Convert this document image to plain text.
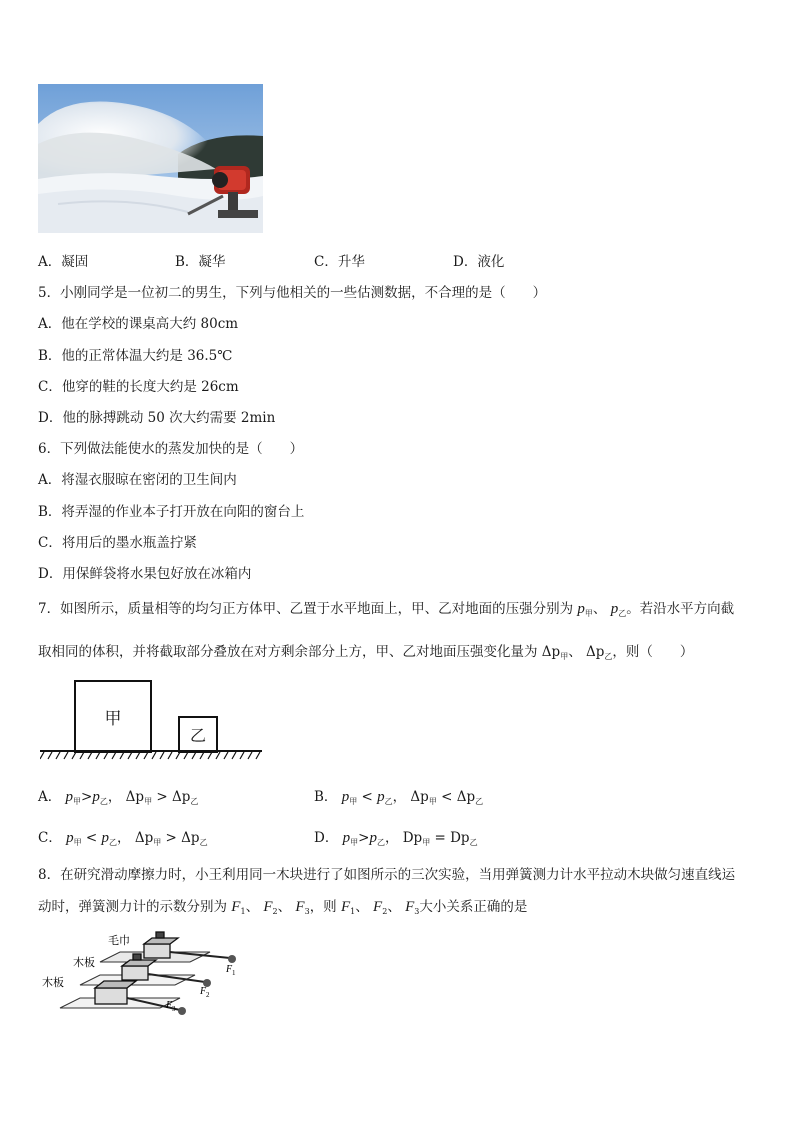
A．凝固	B．凝华	C．升华	D．液化
5．小刚同学是一位初二的男生，下列与他相关的一些估测数据，不合理的是（　　）
A．他在学校的课桌高大约 80cm
B．他的正常体温大约是 36.5℃
C．他穿的鞋的长度大约是 26cm
D．他的脉搏跳动 50 次大约需要 2min
6．下列做法能使水的蒸发加快的是（　　）
A．将湿衣服晾在密闭的卫生间内
B．将弄湿的作业本子打开放在向阳的窗台上
C．将用后的墨水瓶盖拧紧
D．用保鲜袋将水果包好放在冰箱内
7．如图所示，质量相等的均匀正方体甲、乙置于水平地面上，甲、乙对地面的压强分别为 $p_甲$、 $p_乙$。若沿水平方向截
取相同的体积，并将截取部分叠放在对方剩余部分上方，甲、乙对地面压强变化量为 $\Delta p_甲$、 $\Delta p_乙$，则（　　）
甲
乙
A． $p_甲>p_乙$， $\Delta p_甲 > \Delta p_乙$	B． $p_甲 < p_乙$， $\Delta p_甲 < \Delta p_乙$
C． $p_甲 < p_乙$， $\Delta p_甲 > \Delta p_乙$	D． $p_甲>p_乙$， $Dp_甲 = Dp_乙$
8．在研究滑动摩擦力时，小王利用同一木块进行了如图所示的三次实验，当用弹簧测力计水平拉动木块做匀速直线运
动时，弹簧测力计的示数分别为 $F_1$、 $F_2$、 $F_3$，则 $F_1$、 $F_2$、 $F_3$大小关系正确的是
毛巾
木板
木板
F 1
F 2
F 3
